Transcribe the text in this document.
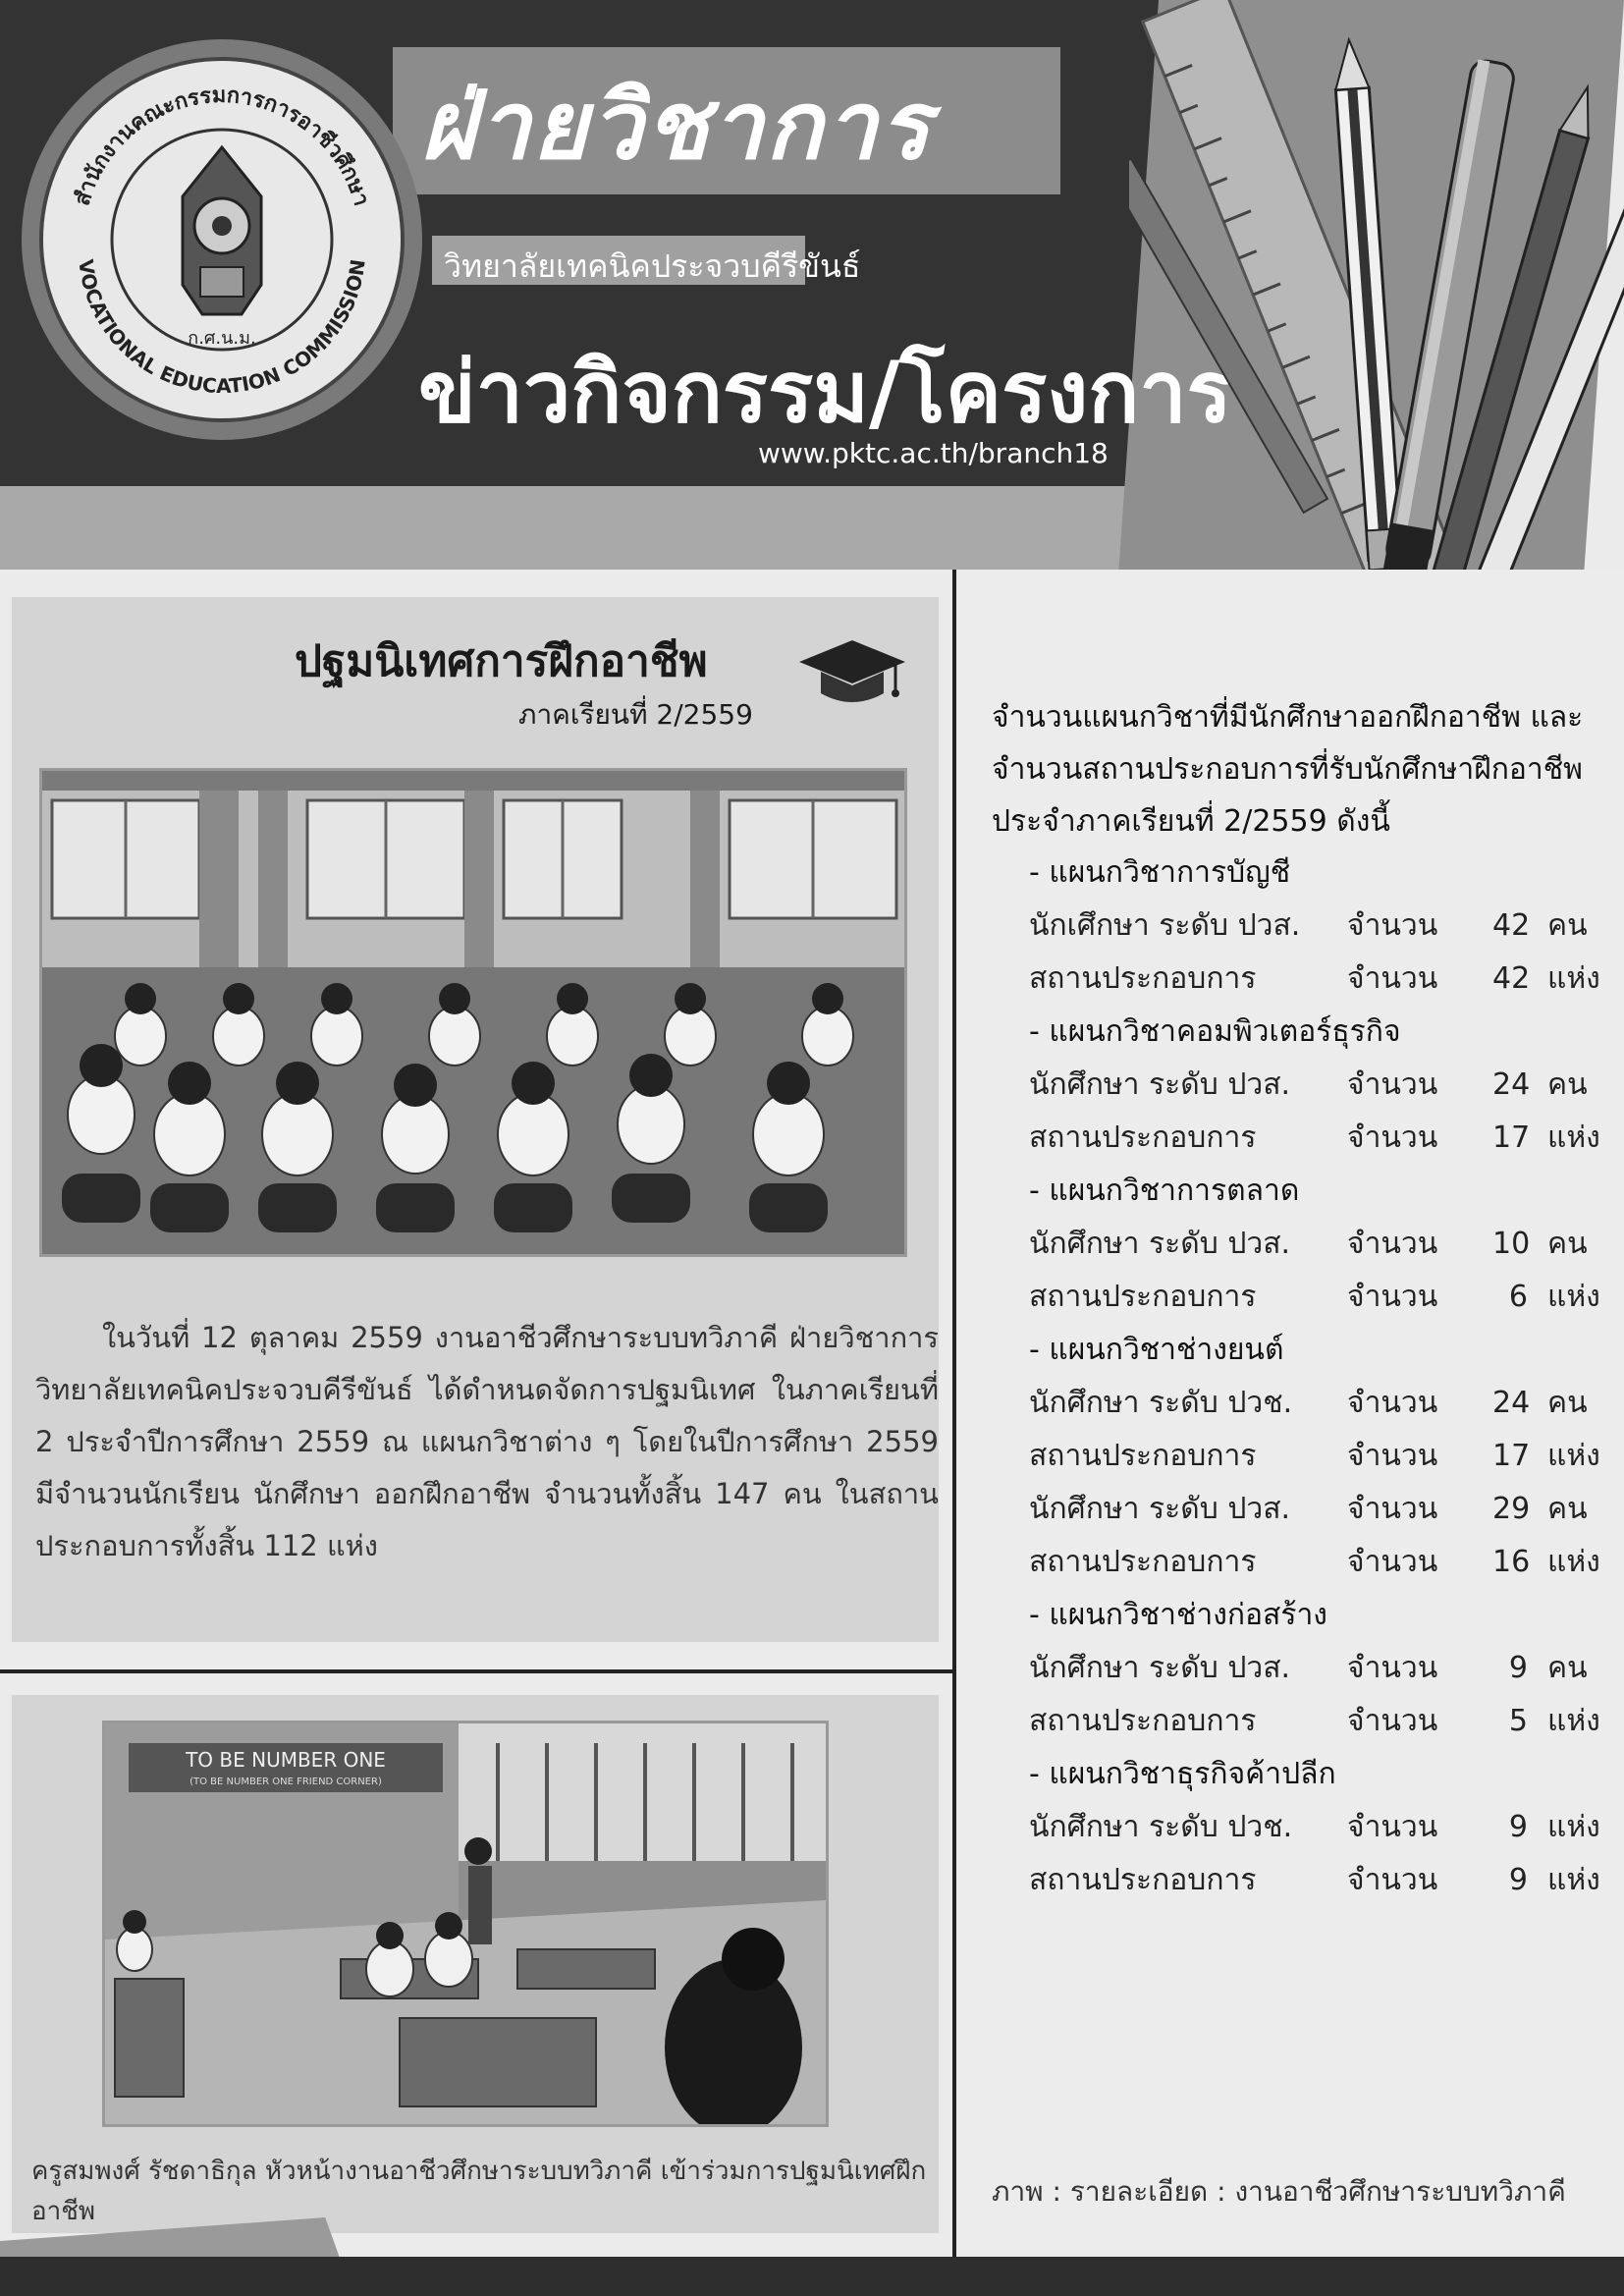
สำนักงานคณะกรรมการการอาชีวศึกษา
VOCATIONAL EDUCATION COMMISSION
ก.ศ.น.ม.
ฝ่ายวิชาการ
วิทยาลัยเทคนิคประจวบคีรีขันธ์
ข่าวกิจกรรม/โครงการ
www.pktc.ac.th/branch18
ปฐมนิเทศการฝึกอาชีพ
ภาคเรียนที่ 2/2559
ในวันที่ 12 ตุลาคม 2559 งานอาชีวศึกษาระบบทวิภาคี ฝ่ายวิชาการ วิทยาลัยเทคนิคประจวบคีรีขันธ์ ได้ดำหนดจัดการปฐมนิเทศ ในภาคเรียนที่ 2 ประจำปีการศึกษา 2559 ณ แผนกวิชาต่าง ๆ โดยในปีการศึกษา 2559 มีจำนวนนักเรียน นักศึกษา ออกฝึกอาชีพ จำนวนทั้งสิ้น 147 คน ในสถานประกอบการทั้งสิ้น 112 แห่ง
TO BE NUMBER ONE
(TO BE NUMBER ONE FRIEND CORNER)
ครูสมพงศ์ รัชดาธิกุล หัวหน้างานอาชีวศึกษาระบบทวิภาคี เข้าร่วมการปฐมนิเทศฝึกอาชีพ
จำนวนแผนกวิชาที่มีนักศึกษาออกฝึกอาชีพ และจำนวนสถานประกอบการที่รับนักศึกษาฝึกอาชีพ ประจำภาคเรียนที่ 2/2559 ดังนี้
- แผนกวิชาการบัญชี
นักเศึกษา ระดับ ปวส. จำนวน 42 คน
สถานประกอบการ	จำนวน 42 แห่ง
- แผนกวิชาคอมพิวเตอร์ธุรกิจ
นักศึกษา ระดับ ปวส. จำนวน 24 คน
สถานประกอบการ	จำนวน 17 แห่ง
- แผนกวิชาการตลาด
นักศึกษา ระดับ ปวส. จำนวน 10 คน
สถานประกอบการ	จำนวน	6 แห่ง
- แผนกวิชาช่างยนต์
นักศึกษา ระดับ ปวช. จำนวน 24 คน
สถานประกอบการ	จำนวน 17 แห่ง
นักศึกษา ระดับ ปวส. จำนวน 29 คน
สถานประกอบการ	จำนวน 16 แห่ง
- แผนกวิชาช่างก่อสร้าง
นักศึกษา ระดับ ปวส. จำนวน	9 คน
สถานประกอบการ	จำนวน	5 แห่ง
- แผนกวิชาธุรกิจค้าปลีก
นักศึกษา ระดับ ปวช. จำนวน	9 แห่ง
สถานประกอบการ	จำนวน	9 แห่ง
ภาพ : รายละเอียด : งานอาชีวศึกษาระบบทวิภาคี
